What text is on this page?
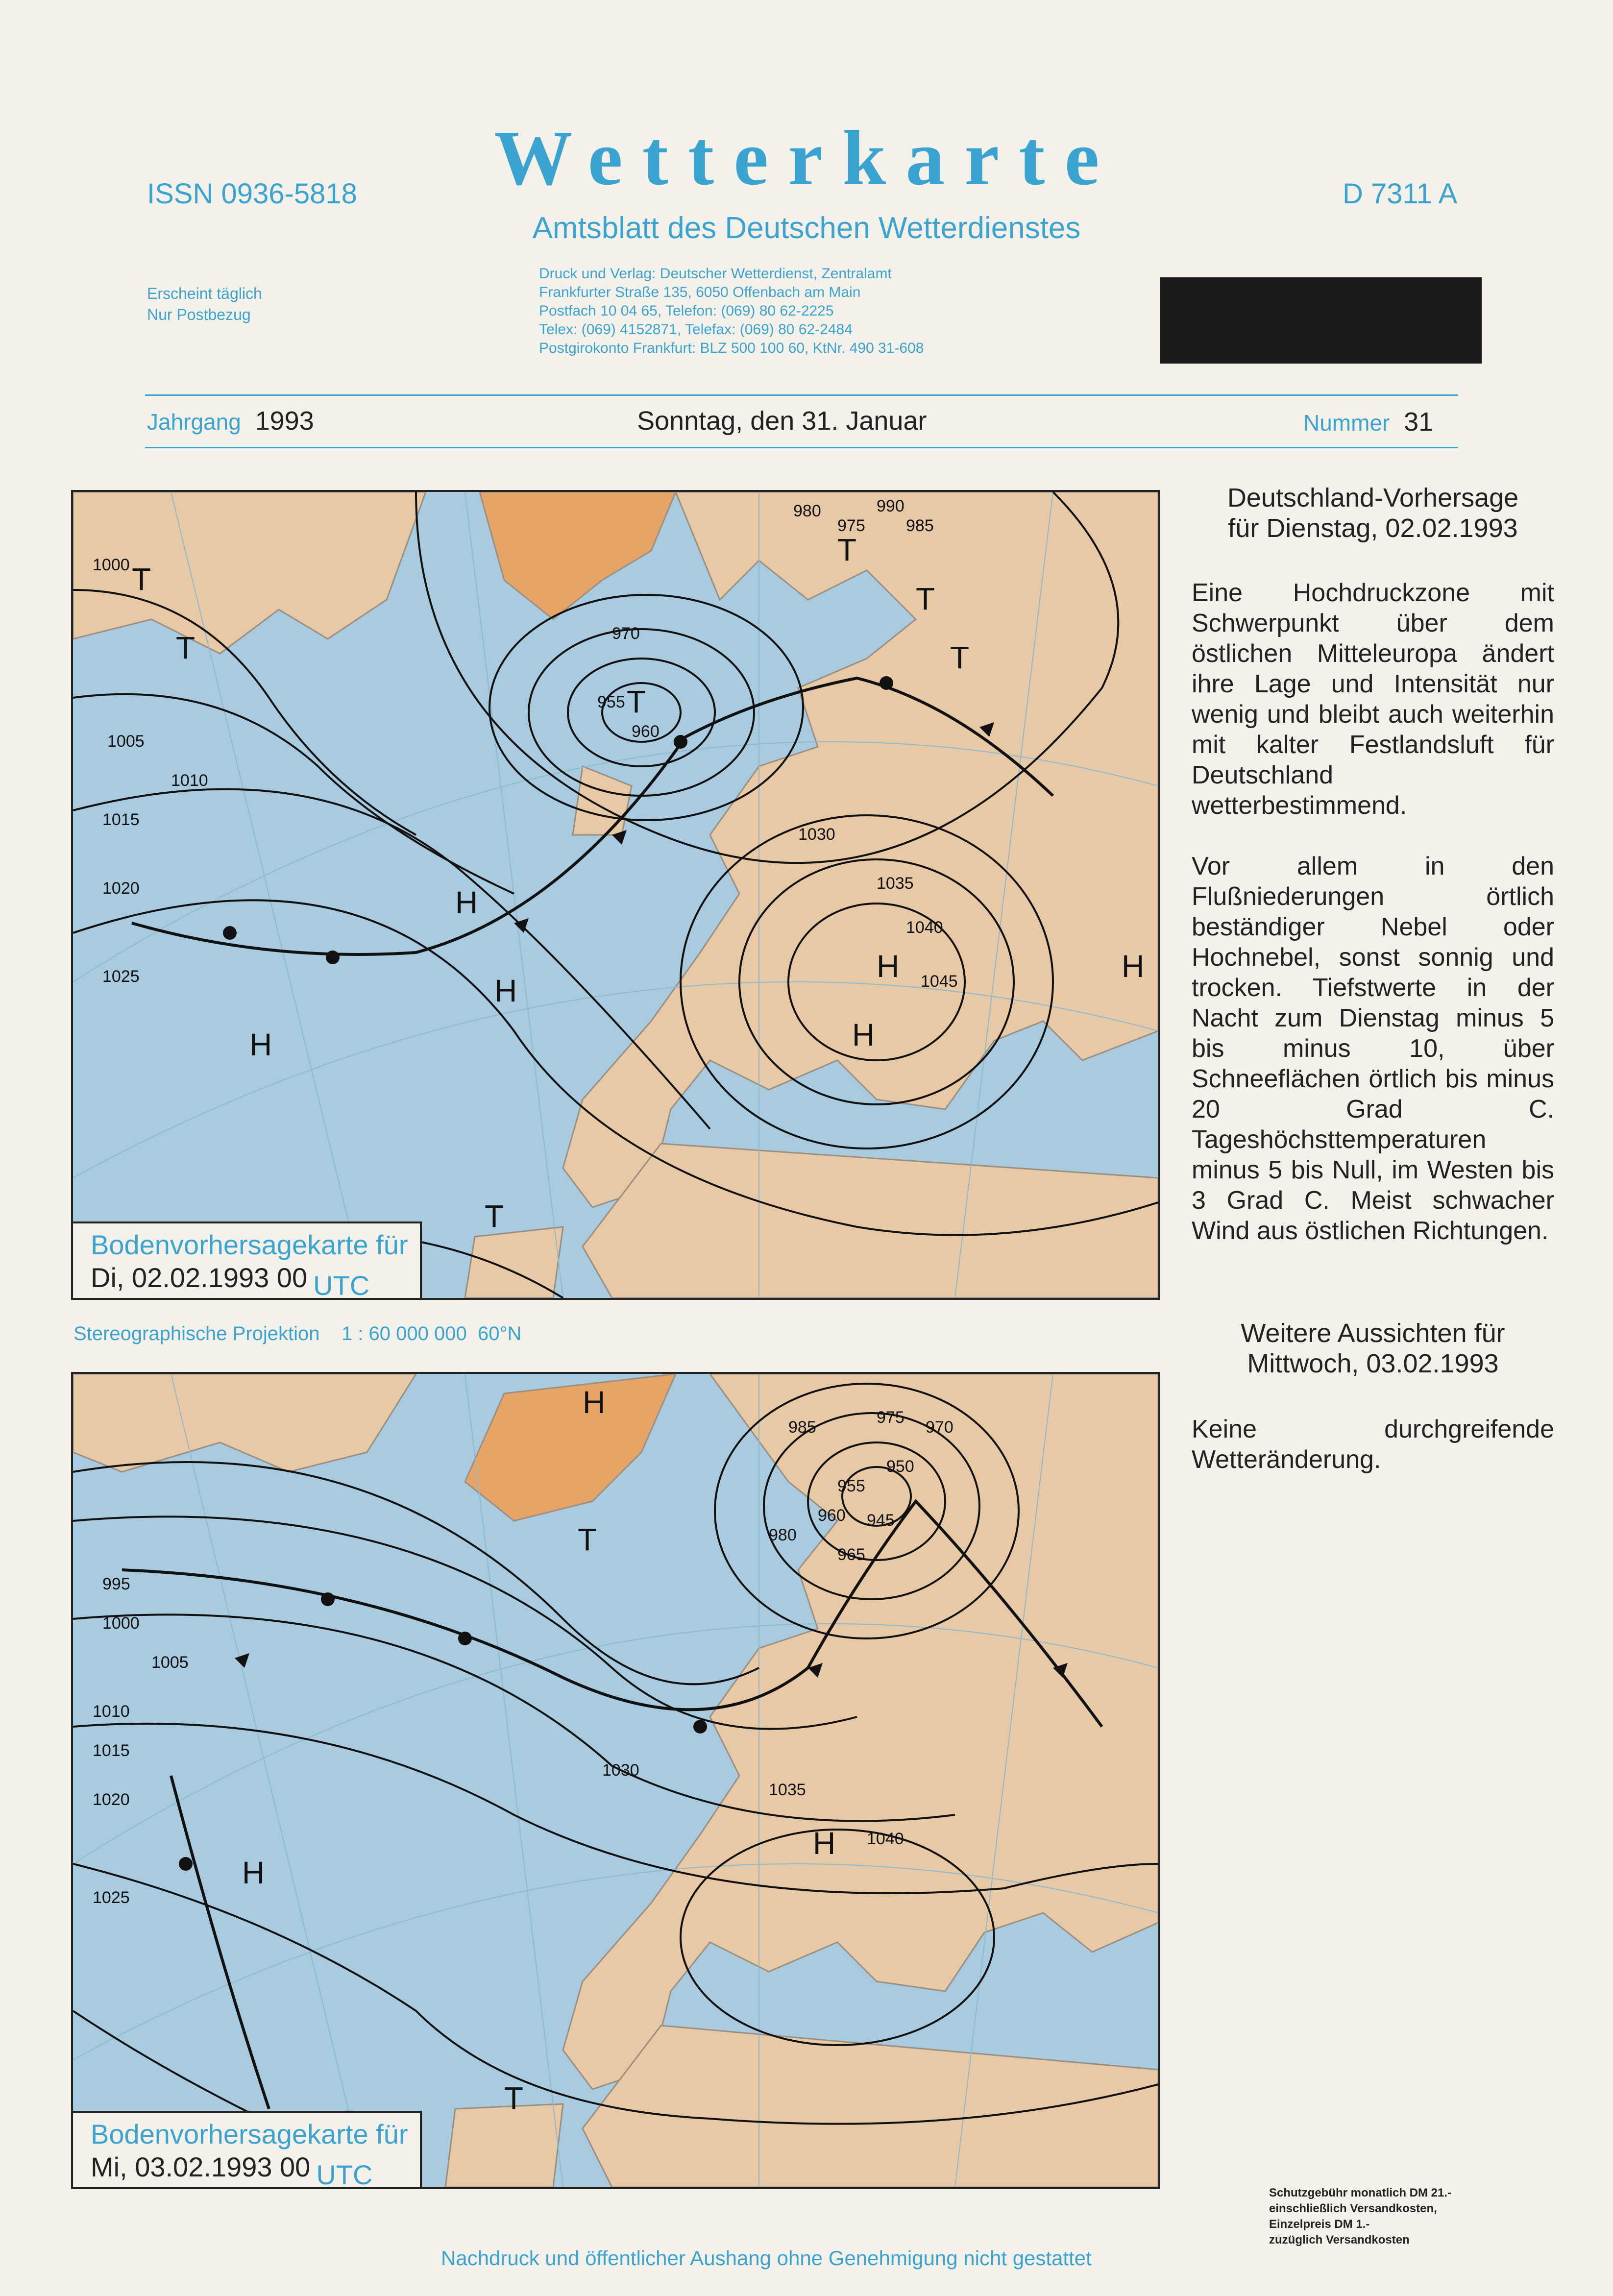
ISSN 0936-5818	Wetterkarte
Amtsblatt des Deutschen Wetterdienstes
D 7311 A
Erscheint täglich
Nur Postbezug
Druck und Verlag: Deutscher Wetterdienst, Zentralamt
Frankfurter Straße 135, 6050 Offenbach am Main
Postfach 10 04 65, Telefon: (069) 80 62-2225
Telex: (069) 4152871, Telefax: (069) 80 62-2484
Postgirokonto Frankfurt: BLZ 500 100 60, KtNr. 490 31-608
Jahrgang 1993	Sonntag, den 31. Januar	Nummer 31
H
H
H
H
H
H
T
T
T
T
T
T
T
1000
1005
1010
1015
1020
1025
1030
1035
1040
1045
955
960
970
975
980
985
990
Bodenvorhersagekarte für
Di, 02.02.1993 00 UTC
Stereographische Projektion    1 : 60 000 000  60°N
H
H
H
T
T
995
1000
1005
1010
1015
1020
1025
1030
1035
1040
945
950
955
960
965
970
975
980
985
Bodenvorhersagekarte für
Mi, 03.02.1993 00 UTC
Deutschland-Vorhersage
für Dienstag, 02.02.1993

Eine Hochdruckzone mit Schwerpunkt über dem östlichen Mitteleuropa ändert ihre Lage und Intensität nur wenig und bleibt auch weiterhin mit kalter Festlandsluft für Deutschland wetterbestimmend.

Vor allem in den Flußniederungen örtlich beständiger Nebel oder Hochnebel, sonst sonnig und trocken. Tiefstwerte in der Nacht zum Dienstag minus 5 bis minus 10, über Schneeflächen örtlich bis minus 20 Grad C. Tageshöchsttemperaturen minus 5 bis Null, im Westen bis 3 Grad C. Meist schwacher Wind aus östlichen Richtungen.

Weitere Aussichten für
Mittwoch, 03.02.1993

Keine durchgreifende Wetteränderung.

Schutzgebühr monatlich DM 21.-
einschließlich Versandkosten,
Einzelpreis DM 1.-
zuzüglich Versandkosten
Nachdruck und öffentlicher Aushang ohne Genehmigung nicht gestattet
